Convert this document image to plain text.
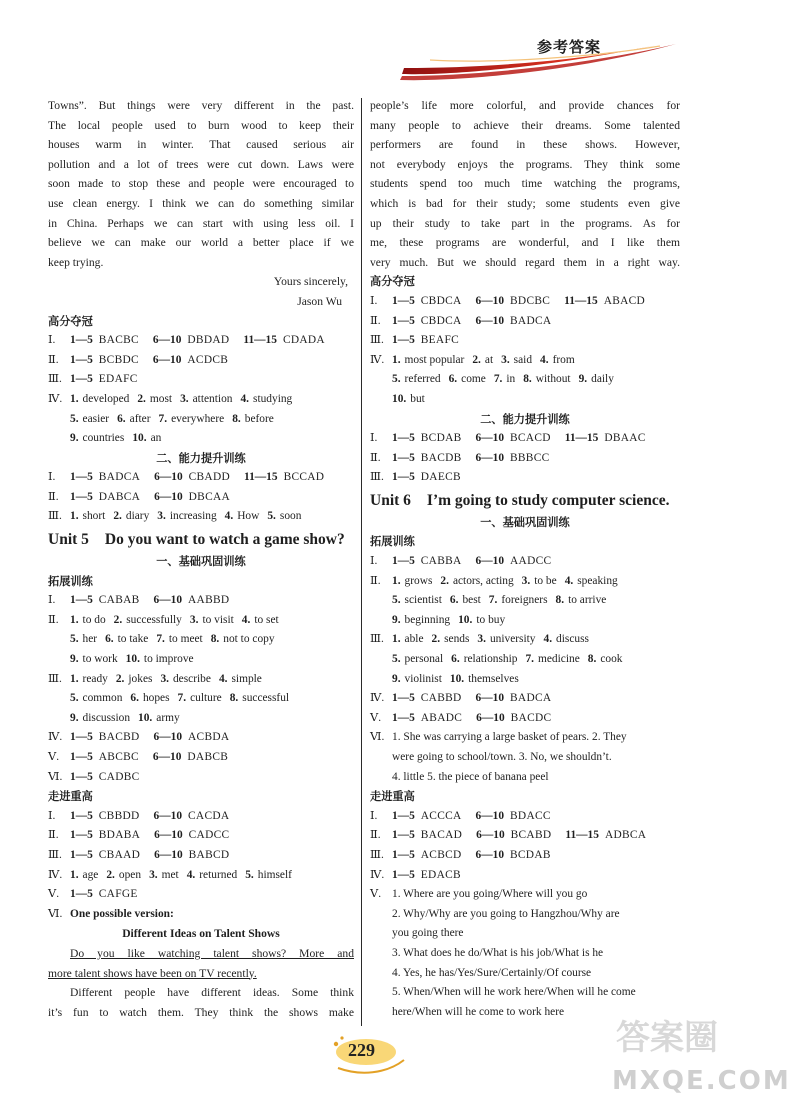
参考答案
Towns”. But things were very different in the past.
The local people used to burn wood to keep their
houses warm in winter. That caused serious air
pollution and a lot of trees were cut down. Laws were
soon made to stop these and people were encouraged to
use clean energy. I think we can do something similar
in China. Perhaps we can start with using less oil. I
believe we can make our world a better place if we
keep trying.
Yours sincerely,
Jason Wu
高分夺冠
Ⅰ. 1—5 BACBC 6—10 DBDAD 11—15 CDADA
Ⅱ. 1—5 BCBDC 6—10 ACDCB
Ⅲ. 1—5 EDAFC
Ⅳ. 1. developed 2. most 3. attention 4. studying
5. easier 6. after 7. everywhere 8. before
9. countries 10. an
二、能力提升训练
Ⅰ. 1—5 BADCA 6—10 CBADD 11—15 BCCAD
Ⅱ. 1—5 DABCA 6—10 DBCAA
Ⅲ. 1. short 2. diary 3. increasing 4. How 5. soon
Unit 5 Do you want to watch a game show?
一、基础巩固训练
拓展训练
Ⅰ. 1—5 CABAB 6—10 AABBD
Ⅱ. 1. to do 2. successfully 3. to visit 4. to set
5. her 6. to take 7. to meet 8. not to copy
9. to work 10. to improve
Ⅲ. 1. ready 2. jokes 3. describe 4. simple
5. common 6. hopes 7. culture 8. successful
9. discussion 10. army
Ⅳ. 1—5 BACBD 6—10 ACBDA
Ⅴ. 1—5 ABCBC 6—10 DABCB
Ⅵ. 1—5 CADBC
走进重高
Ⅰ. 1—5 CBBDD 6—10 CACDA
Ⅱ. 1—5 BDABA 6—10 CADCC
Ⅲ. 1—5 CBAAD 6—10 BABCD
Ⅳ. 1. age 2. open 3. met 4. returned 5. himself
Ⅴ. 1—5 CAFGE
Ⅵ. One possible version:
Different Ideas on Talent Shows
Do you like watching talent shows? More and
more talent shows have been on TV recently.
Different people have different ideas. Some think
it’s fun to watch them. They think the shows make
people’s life more colorful, and provide chances for
many people to achieve their dreams. Some talented
performers are found in these shows. However,
not everybody enjoys the programs. They think some
students spend too much time watching the programs,
which is bad for their study; some students even give
up their study to take part in the programs. As for
me, these programs are wonderful, and I like them
very much. But we should regard them in a right way.
高分夺冠
Ⅰ. 1—5 CBDCA 6—10 BDCBC 11—15 ABACD
Ⅱ. 1—5 CBDCA 6—10 BADCA
Ⅲ. 1—5 BEAFC
Ⅳ. 1. most popular 2. at 3. said 4. from
5. referred 6. come 7. in 8. without 9. daily
10. but
二、能力提升训练
Ⅰ. 1—5 BCDAB 6—10 BCACD 11—15 DBAAC
Ⅱ. 1—5 BACDB 6—10 BBBCC
Ⅲ. 1—5 DAECB
Unit 6 I’m going to study computer science.
一、基础巩固训练
拓展训练
Ⅰ. 1—5 CABBA 6—10 AADCC
Ⅱ. 1. grows 2. actors, acting 3. to be 4. speaking
5. scientist 6. best 7. foreigners 8. to arrive
9. beginning 10. to buy
Ⅲ. 1. able 2. sends 3. university 4. discuss
5. personal 6. relationship 7. medicine 8. cook
9. violinist 10. themselves
Ⅳ. 1—5 CABBD 6—10 BADCA
Ⅴ. 1—5 ABADC 6—10 BACDC
Ⅵ. 1. She was carrying a large basket of pears. 2. They
were going to school/town. 3. No, we shouldn’t.
4. little 5. the piece of banana peel
走进重高
Ⅰ. 1—5 ACCCA 6—10 BDACC
Ⅱ. 1—5 BACAD 6—10 BCABD 11—15 ADBCA
Ⅲ. 1—5 ACBCD 6—10 BCDAB
Ⅳ. 1—5 EDACB
Ⅴ. 1. Where are you going/Where will you go
2. Why/Why are you going to Hangzhou/Why are
you going there
3. What does he do/What is his job/What is he
4. Yes, he has/Yes/Sure/Certainly/Of course
5. When/When will he work here/When will he come
here/When will he come to work here
229	答案圈
MXQE.COM
